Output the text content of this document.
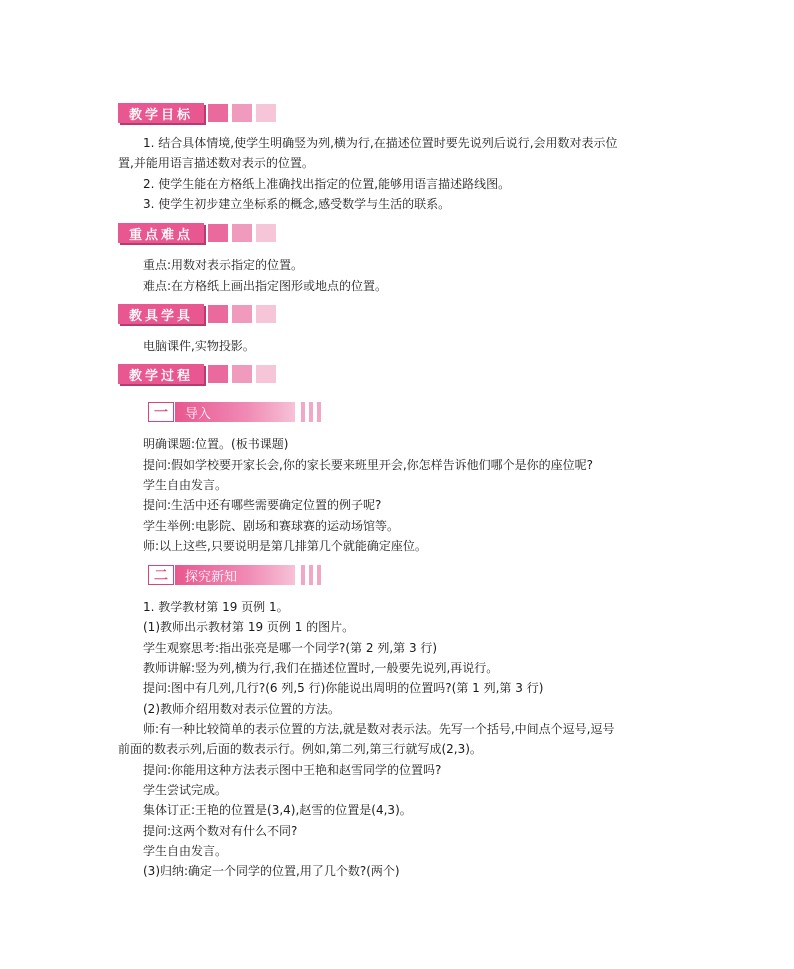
教学目标
1. 结合具体情境,使学生明确竖为列,横为行,在描述位置时要先说列后说行,会用数对表示位
置,并能用语言描述数对表示的位置。
2. 使学生能在方格纸上准确找出指定的位置,能够用语言描述路线图。
3. 使学生初步建立坐标系的概念,感受数学与生活的联系。
重点难点
重点:用数对表示指定的位置。
难点:在方格纸上画出指定图形或地点的位置。
教具学具
电脑课件,实物投影。
教学过程
一	导入
明确课题:位置。(板书课题)
提问:假如学校要开家长会,你的家长要来班里开会,你怎样告诉他们哪个是你的座位呢?
学生自由发言。
提问:生活中还有哪些需要确定位置的例子呢?
学生举例:电影院、剧场和赛球赛的运动场馆等。
师:以上这些,只要说明是第几排第几个就能确定座位。
二	探究新知
1. 教学教材第 19 页例 1。
(1)教师出示教材第 19 页例 1 的图片。
学生观察思考:指出张亮是哪一个同学?(第 2 列,第 3 行)
教师讲解:竖为列,横为行,我们在描述位置时,一般要先说列,再说行。
提问:图中有几列,几行?(6 列,5 行)你能说出周明的位置吗?(第 1 列,第 3 行)
(2)教师介绍用数对表示位置的方法。
师:有一种比较简单的表示位置的方法,就是数对表示法。先写一个括号,中间点个逗号,逗号
前面的数表示列,后面的数表示行。例如,第二列,第三行就写成(2,3)。
提问:你能用这种方法表示图中王艳和赵雪同学的位置吗?
学生尝试完成。
集体订正:王艳的位置是(3,4),赵雪的位置是(4,3)。
提问:这两个数对有什么不同?
学生自由发言。
(3)归纳:确定一个同学的位置,用了几个数?(两个)
